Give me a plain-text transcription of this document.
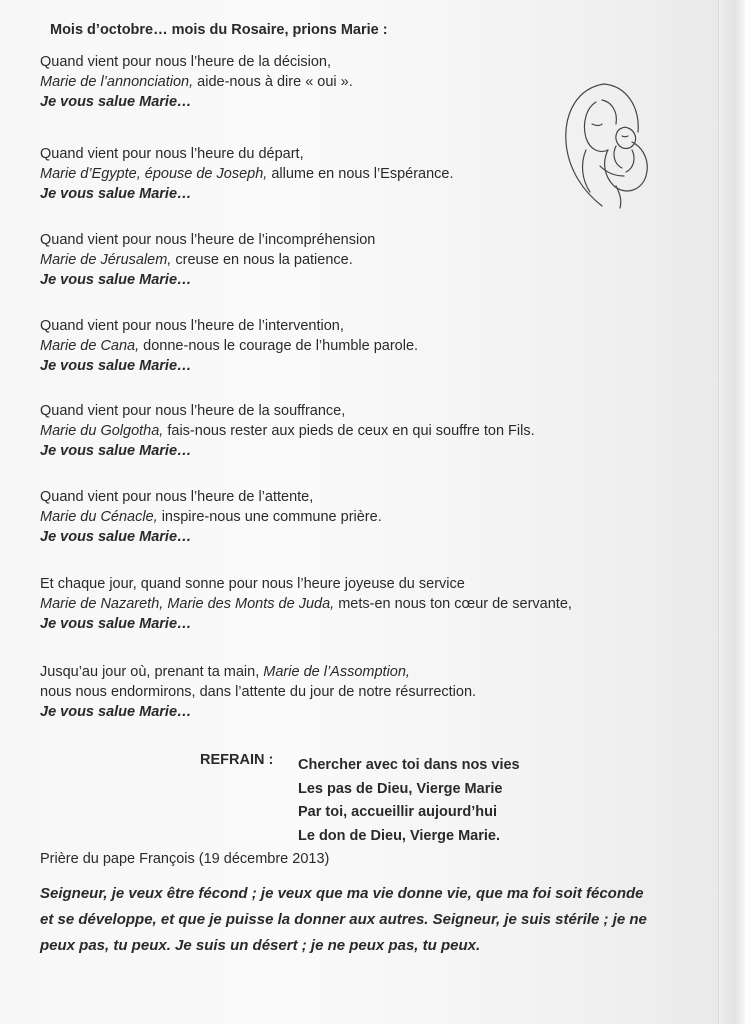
Mois d’octobre… mois du Rosaire, prions Marie :
Quand vient pour nous l’heure de la décision,
Marie de l’annonciation, aide-nous à dire « oui ».
Je vous salue Marie…
Quand vient pour nous l’heure du départ,
Marie d’Egypte, épouse de Joseph, allume en nous l’Espérance.
Je vous salue Marie…
Quand vient pour nous l’heure de l’incompréhension
Marie de Jérusalem, creuse en nous la patience.
Je vous salue Marie…
Quand vient pour nous l’heure de l’intervention,
Marie de Cana, donne-nous le courage de l’humble parole.
Je vous salue Marie…
Quand vient pour nous l’heure de la souffrance,
Marie du Golgotha, fais-nous rester aux pieds de ceux en qui souffre ton Fils.
Je vous salue Marie…
Quand vient pour nous l’heure de l’attente,
Marie du Cénacle, inspire-nous une commune prière.
Je vous salue Marie…
Et chaque jour, quand sonne pour nous l’heure joyeuse du service
Marie de Nazareth, Marie des Monts de Juda, mets-en nous ton cœur de servante,
Je vous salue Marie…
Jusqu’au jour où, prenant ta main, Marie de l’Assomption,
nous nous endormirons, dans l’attente du jour de notre résurrection.
Je vous salue Marie…
REFRAIN : Chercher avec toi dans nos vies
Les pas de Dieu, Vierge Marie
Par toi, accueillir aujourd’hui
Le don de Dieu, Vierge Marie.
Prière du pape François (19 décembre 2013)
Seigneur, je veux être fécond ; je veux que ma vie donne vie, que ma foi soit féconde
et se développe, et que je puisse la donner aux autres. Seigneur, je suis stérile ; je ne
peux pas, tu peux. Je suis un désert ; je ne peux pas, tu peux.
